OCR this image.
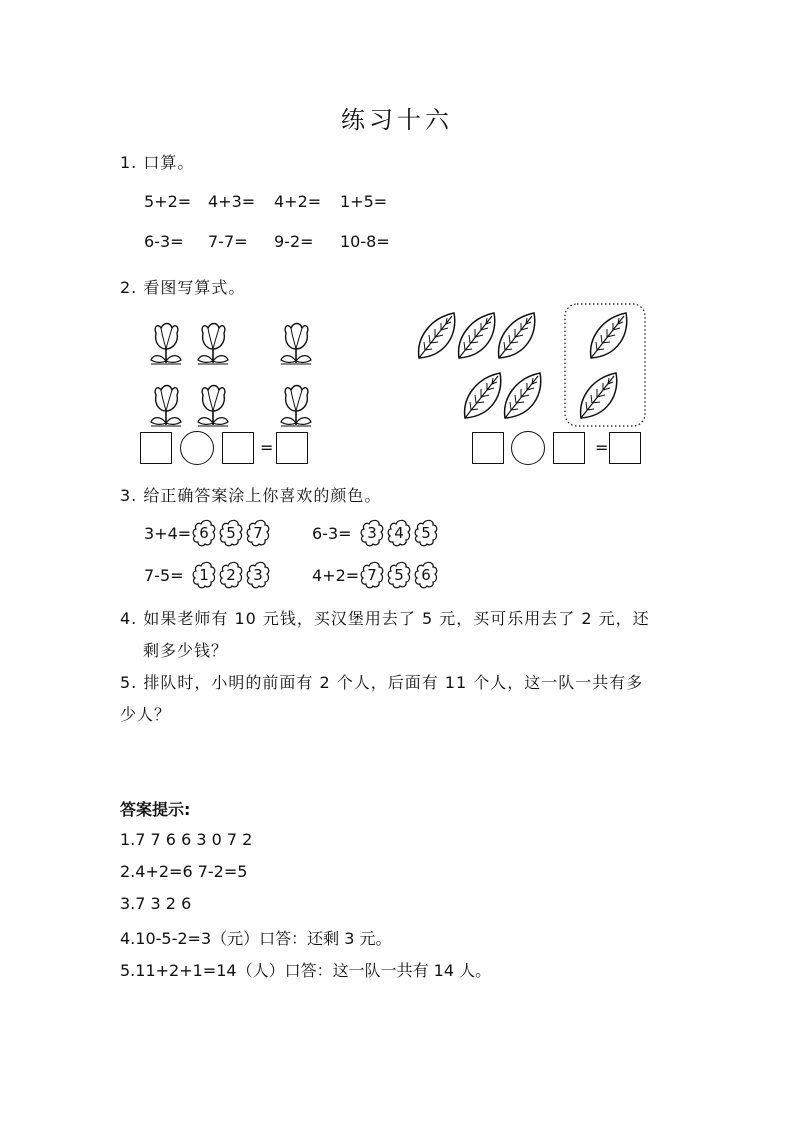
练习十六
1. 口算。
5+2= 4+3= 4+2= 1+5=
6-3= 7-7= 9-2= 10-8=
2. 看图写算式。
=	=
3. 给正确答案涂上你喜欢的颜色。
3+4= 6	5	7	6-3=	3	4	5
7-5=	1	2	3	4+2= 7	5	6
4. 如果老师有 10 元钱，买汉堡用去了 5 元，买可乐用去了 2 元，还
剩多少钱？
5. 排队时，小明的前面有 2 个人，后面有 11 个人，这一队一共有多
少人？
答案提示:
1.7 7 6 6 3 0 7 2
2.4+2=6 7-2=5
3.7 3 2 6
4.10-5-2=3（元）口答：还剩 3 元。
5.11+2+1=14（人）口答：这一队一共有 14 人。
